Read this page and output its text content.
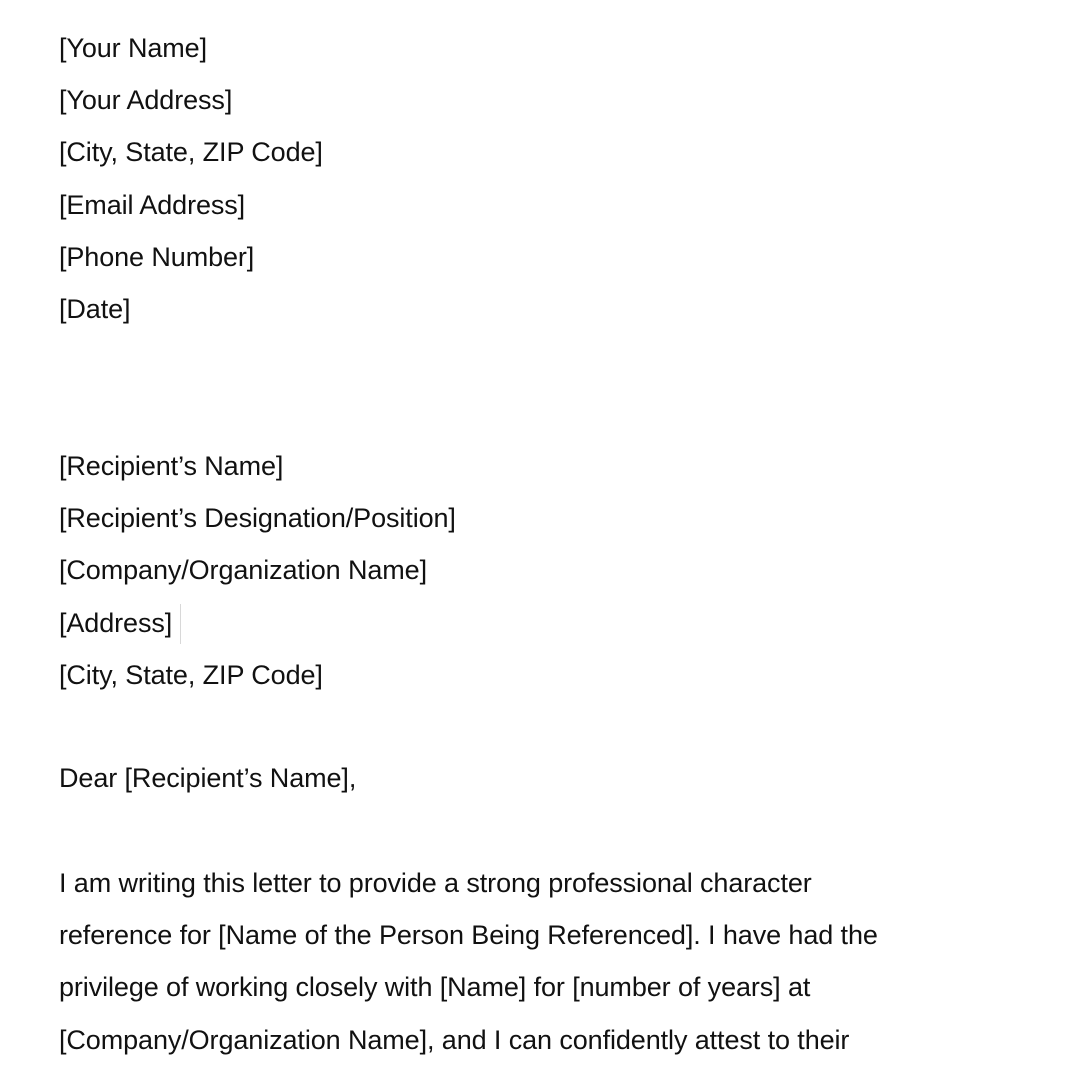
[Your Name]

[Your Address]

[City, State, ZIP Code]

[Email Address]

[Phone Number]

[Date]

[Recipient’s Name]

[Recipient’s Designation/Position]

[Company/Organization Name]

[Address]

[City, State, ZIP Code]

Dear [Recipient’s Name],

I am writing this letter to provide a strong professional character

reference for [Name of the Person Being Referenced]. I have had the

privilege of working closely with [Name] for [number of years] at

[Company/Organization Name], and I can confidently attest to their
